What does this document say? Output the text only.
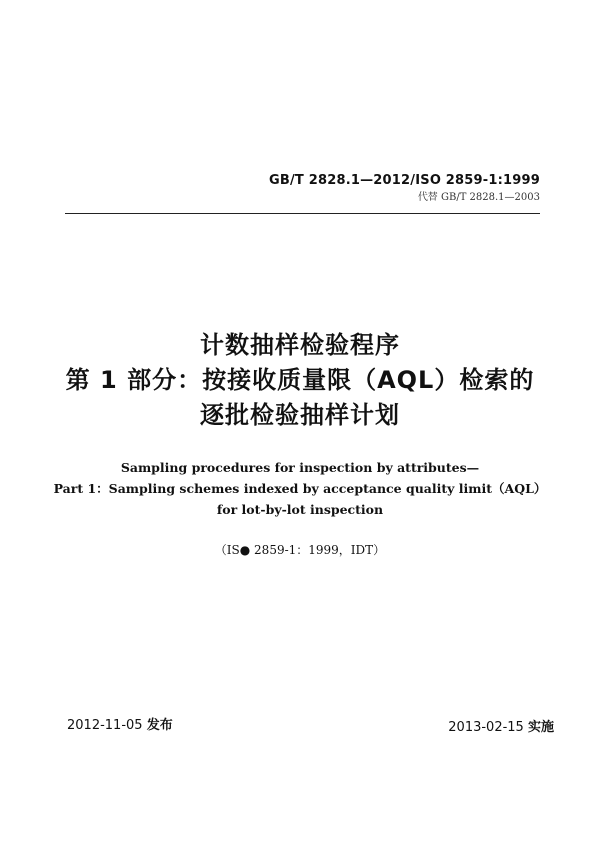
GB/T 2828.1—2012/ISO 2859-1:1999
代替 GB/T 2828.1—2003
计数抽样检验程序
第 1 部分：按接收质量限（AQL）检索的
逐批检验抽样计划
Sampling procedures for inspection by attributes—
Part 1：Sampling schemes indexed by acceptance quality limit（AQL）
for lot-by-lot inspection
（IS● 2859-1：1999，IDT）
2012-11-05 发布	2013-02-15 实施
